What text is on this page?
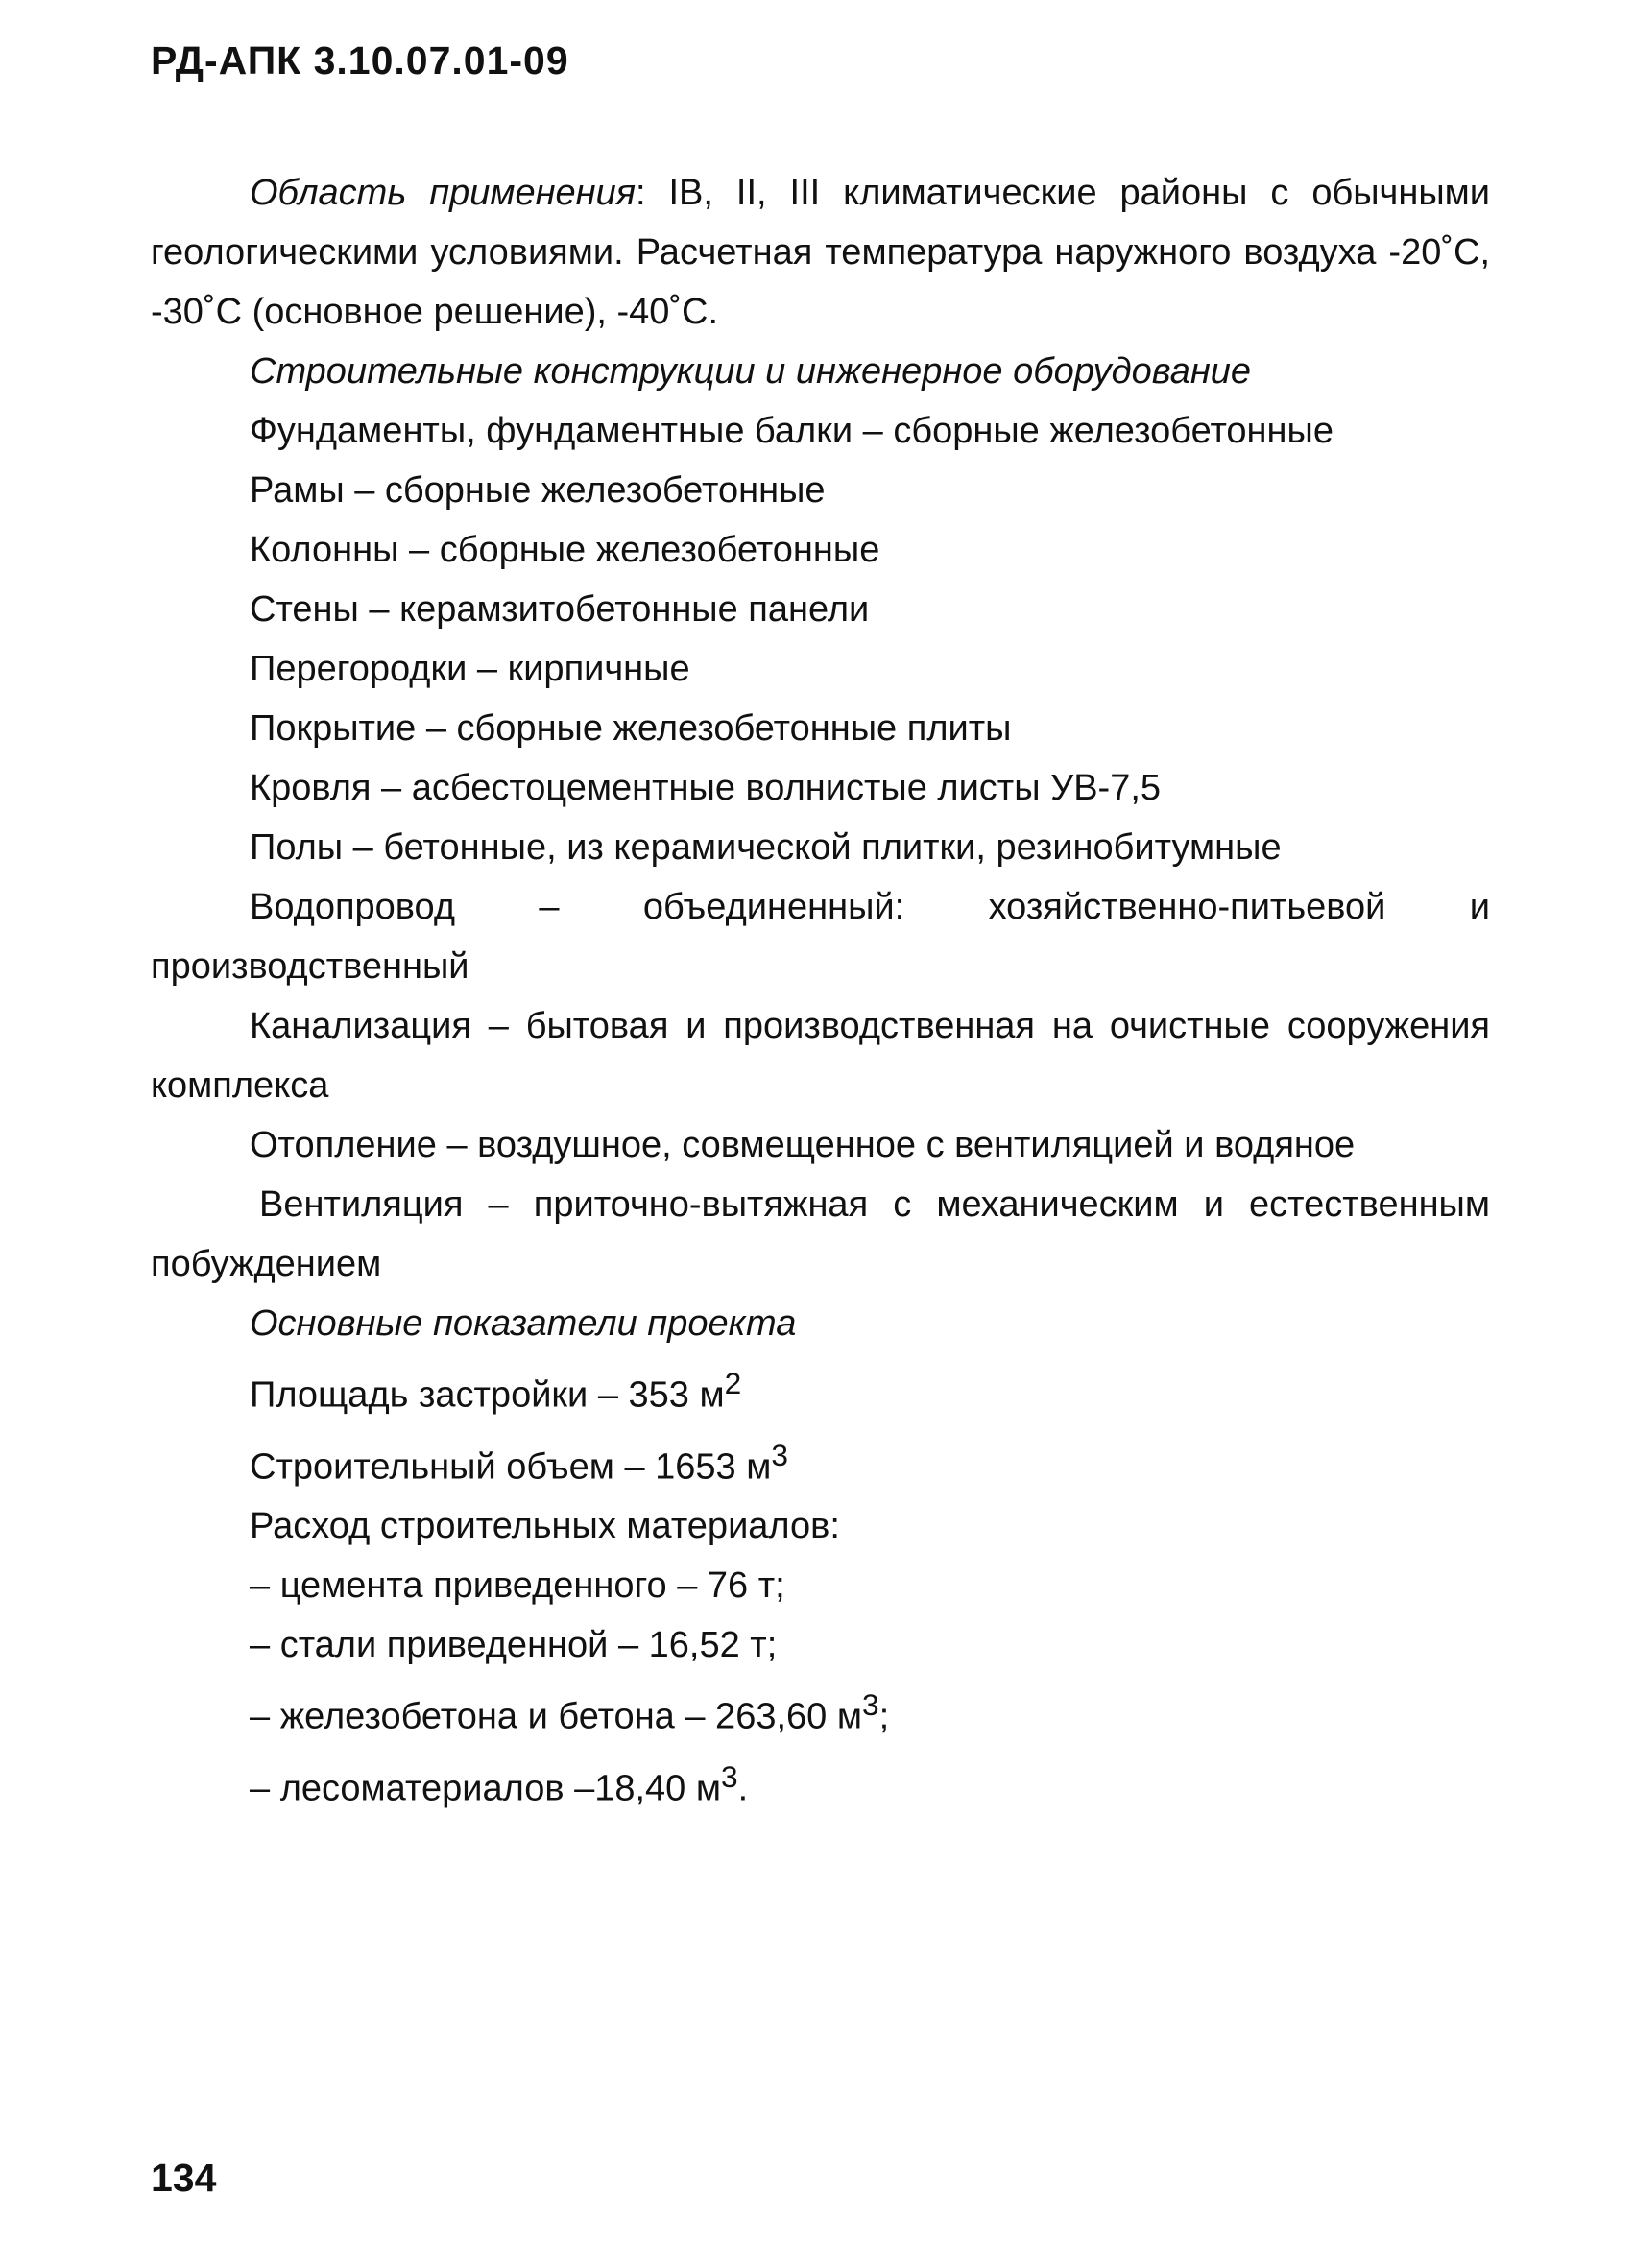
РД-АПК 3.10.07.01-09

Область применения: IB, II, III климатические районы с обычными геологическими условиями. Расчетная температура наружного воздуха -20˚С, -30˚С (основное решение), -40˚С.

Строительные конструкции и инженерное оборудование

Фундаменты, фундаментные балки – сборные железобетонные

Рамы – сборные железобетонные

Колонны – сборные железобетонные

Стены – керамзитобетонные панели

Перегородки – кирпичные

Покрытие – сборные железобетонные плиты

Кровля – асбестоцементные волнистые листы УВ-7,5

Полы – бетонные, из керамической плитки, резинобитумные

Водопровод – объединенный: хозяйственно-питьевой и производственный

Канализация – бытовая и производственная на очистные сооружения комплекса

Отопление – воздушное, совмещенное с вентиляцией и водяное

Вентиляция – приточно-вытяжная с механическим и естественным побуждением

Основные показатели проекта

Площадь застройки – 353 $м^2$

Строительный объем – 1653 $м^3$

Расход строительных материалов:

– цемента приведенного – 76 т;

– стали приведенной – 16,52 т;

– железобетона и бетона – 263,60 $м^3$;

– лесоматериалов –18,40 $м^3$.

134
